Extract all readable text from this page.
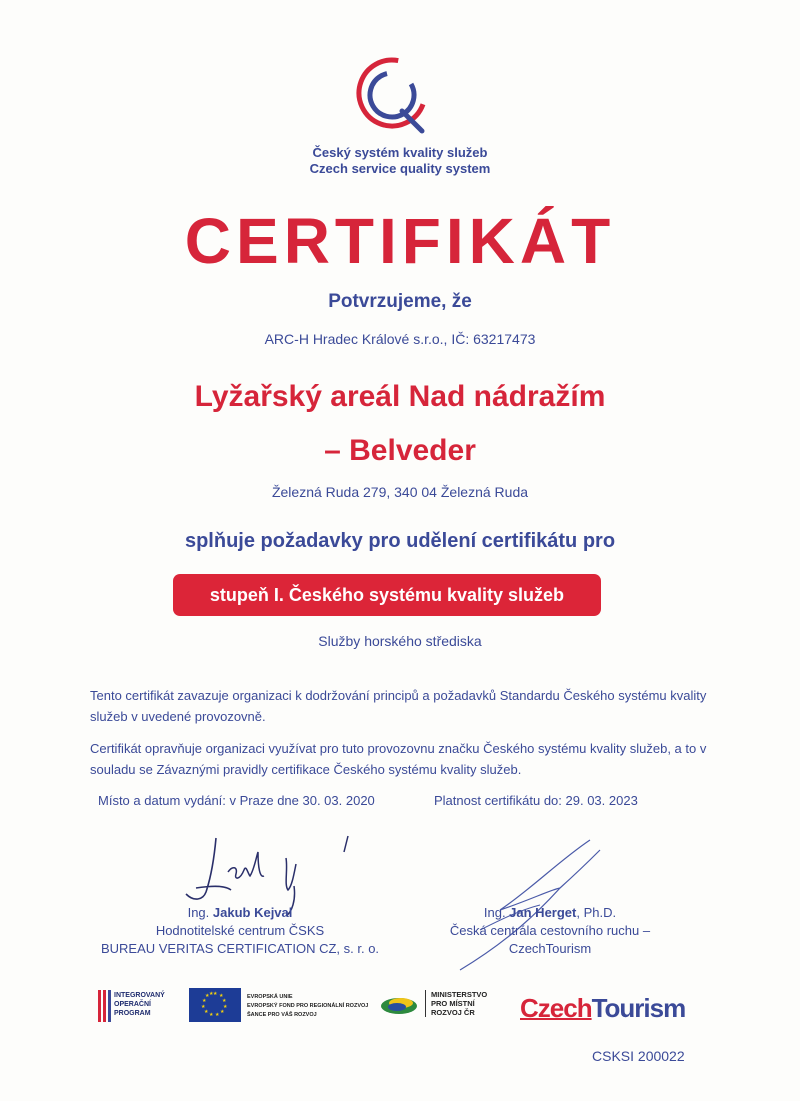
Český systém kvality služeb
Czech service quality system
CERTIFIKÁT
Potvrzujeme, že
ARC-H Hradec Králové s.r.o., IČ: 63217473
Lyžařský areál Nad nádražím
– Belveder
Železná Ruda 279, 340 04 Železná Ruda
splňuje požadavky pro udělení certifikátu pro
stupeň I. Českého systému kvality služeb
Služby horského střediska
Tento certifikát zavazuje organizaci k dodržování principů a požadavků Standardu Českého systému kvality služeb v uvedené provozovně.
Certifikát opravňuje organizaci využívat pro tuto provozovnu značku Českého systému kvality služeb, a to v souladu se Závaznými pravidly certifikace Českého systému kvality služeb.
Místo a datum vydání: v Praze dne 30. 03. 2020	Platnost certifikátu do: 29. 03. 2023
Ing. Jakub Kejval
Hodnotitelské centrum ČSKS
BUREAU VERITAS CERTIFICATION CZ, s. r. o.
Ing. Jan Herget, Ph.D.
Česká centrála cestovního ruchu –
CzechTourism
INTEGROVANÝ
OPERAČNÍ
PROGRAM
★ ★
★
★
★
★
★
★
★
★
★ ★	EVROPSKÁ UNIE
EVROPSKÝ FOND PRO REGIONÁLNÍ ROZVOJ
ŠANCE PRO VÁŠ ROZVOJ
MINISTERSTVO
PRO MÍSTNÍ
ROZVOJ ČR	CzechTourism
CSKSI 200022
